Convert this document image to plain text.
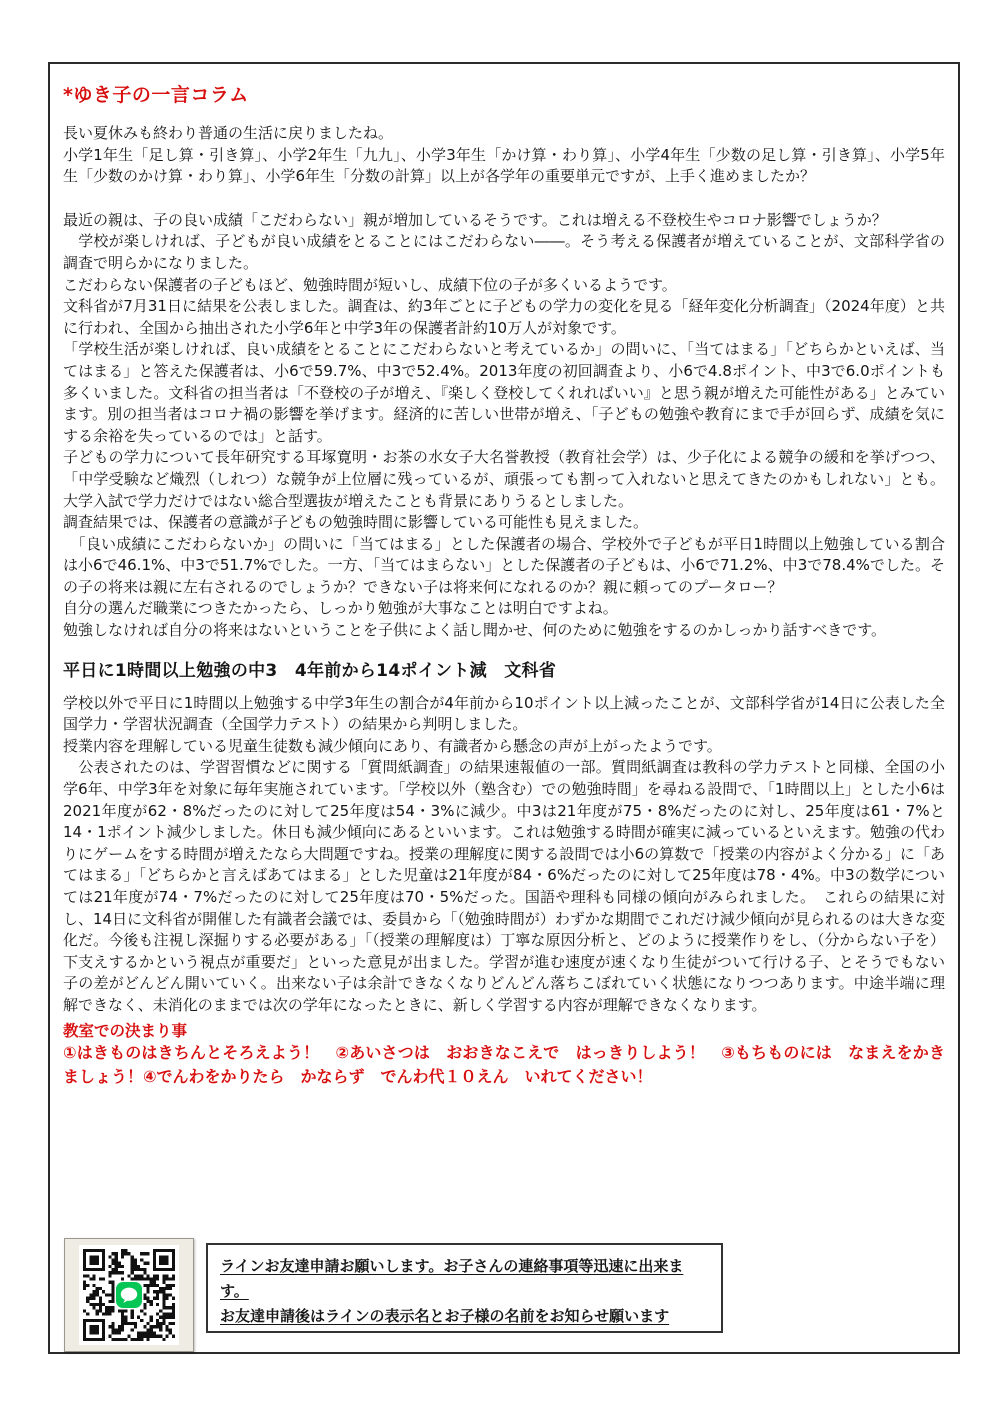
*ゆき子の一言コラム

長い夏休みも終わり普通の生活に戻りましたね。

小学1年生「足し算・引き算」、小学2年生「九九」、小学3年生「かけ算・わり算」、小学4年生「少数の足し算・引き算」、小学5年生「少数のかけ算・わり算」、小学6年生「分数の計算」以上が各学年の重要単元ですが、上手く進めましたか？

最近の親は、子の良い成績「こだわらない」親が増加しているそうです。これは増える不登校生やコロナ影響でしょうか？

　学校が楽しければ、子どもが良い成績をとることにはこだわらない――。そう考える保護者が増えていることが、文部科学省の調査で明らかになりました。

こだわらない保護者の子どもほど、勉強時間が短いし、成績下位の子が多くいるようです。

文科省が7月31日に結果を公表しました。調査は、約3年ごとに子どもの学力の変化を見る「経年変化分析調査」（2024年度）と共に行われ、全国から抽出された小学6年と中学3年の保護者計約10万人が対象です。

「学校生活が楽しければ、良い成績をとることにこだわらないと考えているか」の問いに、「当てはまる」「どちらかといえば、当てはまる」と答えた保護者は、小6で59.7%、中3で52.4%。2013年度の初回調査より、小6で4.8ポイント、中3で6.0ポイントも多くいました。文科省の担当者は「不登校の子が増え、『楽しく登校してくれればいい』と思う親が増えた可能性がある」とみています。別の担当者はコロナ禍の影響を挙げます。経済的に苦しい世帯が増え、「子どもの勉強や教育にまで手が回らず、成績を気にする余裕を失っているのでは」と話す。

子どもの学力について長年研究する耳塚寛明・お茶の水女子大名誉教授（教育社会学）は、少子化による競争の緩和を挙げつつ、「中学受験など熾烈（しれつ）な競争が上位層に残っているが、頑張っても割って入れないと思えてきたのかもしれない」とも。大学入試で学力だけではない総合型選抜が増えたことも背景にありうるとしました。

調査結果では、保護者の意識が子どもの勉強時間に影響している可能性も見えました。

　「良い成績にこだわらないか」の問いに「当てはまる」とした保護者の場合、学校外で子どもが平日1時間以上勉強している割合は小6で46.1%、中3で51.7%でした。一方、「当てはまらない」とした保護者の子どもは、小6で71.2%、中3で78.4%でした。その子の将来は親に左右されるのでしょうか？できない子は将来何になれるのか？親に頼ってのプータロー？

自分の選んだ職業につきたかったら、しっかり勉強が大事なことは明白ですよね。

勉強しなければ自分の将来はないということを子供によく話し聞かせ、何のために勉強をするのかしっかり話すべきです。

平日に1時間以上勉強の中3　4年前から14ポイント減　文科省

学校以外で平日に1時間以上勉強する中学3年生の割合が4年前から10ポイント以上減ったことが、文部科学省が14日に公表した全国学力・学習状況調査（全国学力テスト）の結果から判明しました。

授業内容を理解している児童生徒数も減少傾向にあり、有識者から懸念の声が上がったようです。

　公表されたのは、学習習慣などに関する「質問紙調査」の結果速報値の一部。質問紙調査は教科の学力テストと同様、全国の小学6年、中学3年を対象に毎年実施されています。「学校以外（塾含む）での勉強時間」を尋ねる設問で、「1時間以上」とした小6は2021年度が62・8%だったのに対して25年度は54・3%に減少。中3は21年度が75・8%だったのに対し、25年度は61・7%と14・1ポイント減少しました。休日も減少傾向にあるといいます。これは勉強する時間が確実に減っているといえます。勉強の代わりにゲームをする時間が増えたなら大問題ですね。授業の理解度に関する設問では小6の算数で「授業の内容がよく分かる」に「あてはまる」「どちらかと言えばあてはまる」とした児童は21年度が84・6%だったのに対して25年度は78・4%。中3の数学については21年度が74・7%だったのに対して25年度は70・5%だった。国語や理科も同様の傾向がみられました。　これらの結果に対し、14日に文科省が開催した有識者会議では、委員から「（勉強時間が）わずかな期間でこれだけ減少傾向が見られるのは大きな変化だ。今後も注視し深掘りする必要がある」「（授業の理解度は）丁寧な原因分析と、どのように授業作りをし、（分からない子を）下支えするかという視点が重要だ」といった意見が出ました。学習が進む速度が速くなり生徒がついて行ける子、とそうでもない子の差がどんどん開いていく。出来ない子は余計できなくなりどんどん落ちこぼれていく状態になりつつあります。中途半端に理解できなく、未消化のままでは次の学年になったときに、新しく学習する内容が理解できなくなります。

教室での決まり事
①はきものはきちんとそろえよう！　②あいさつは　おおきなこえで　はっきりしよう！　③もちものには　なまえをかきましょう！④でんわをかりたら　かならず　でんわ代１０えん　いれてください！
ラインお友達申請お願いします。お子さんの連絡事項等迅速に出来ます。
お友達申請後はラインの表示名とお子様の名前をお知らせ願います
